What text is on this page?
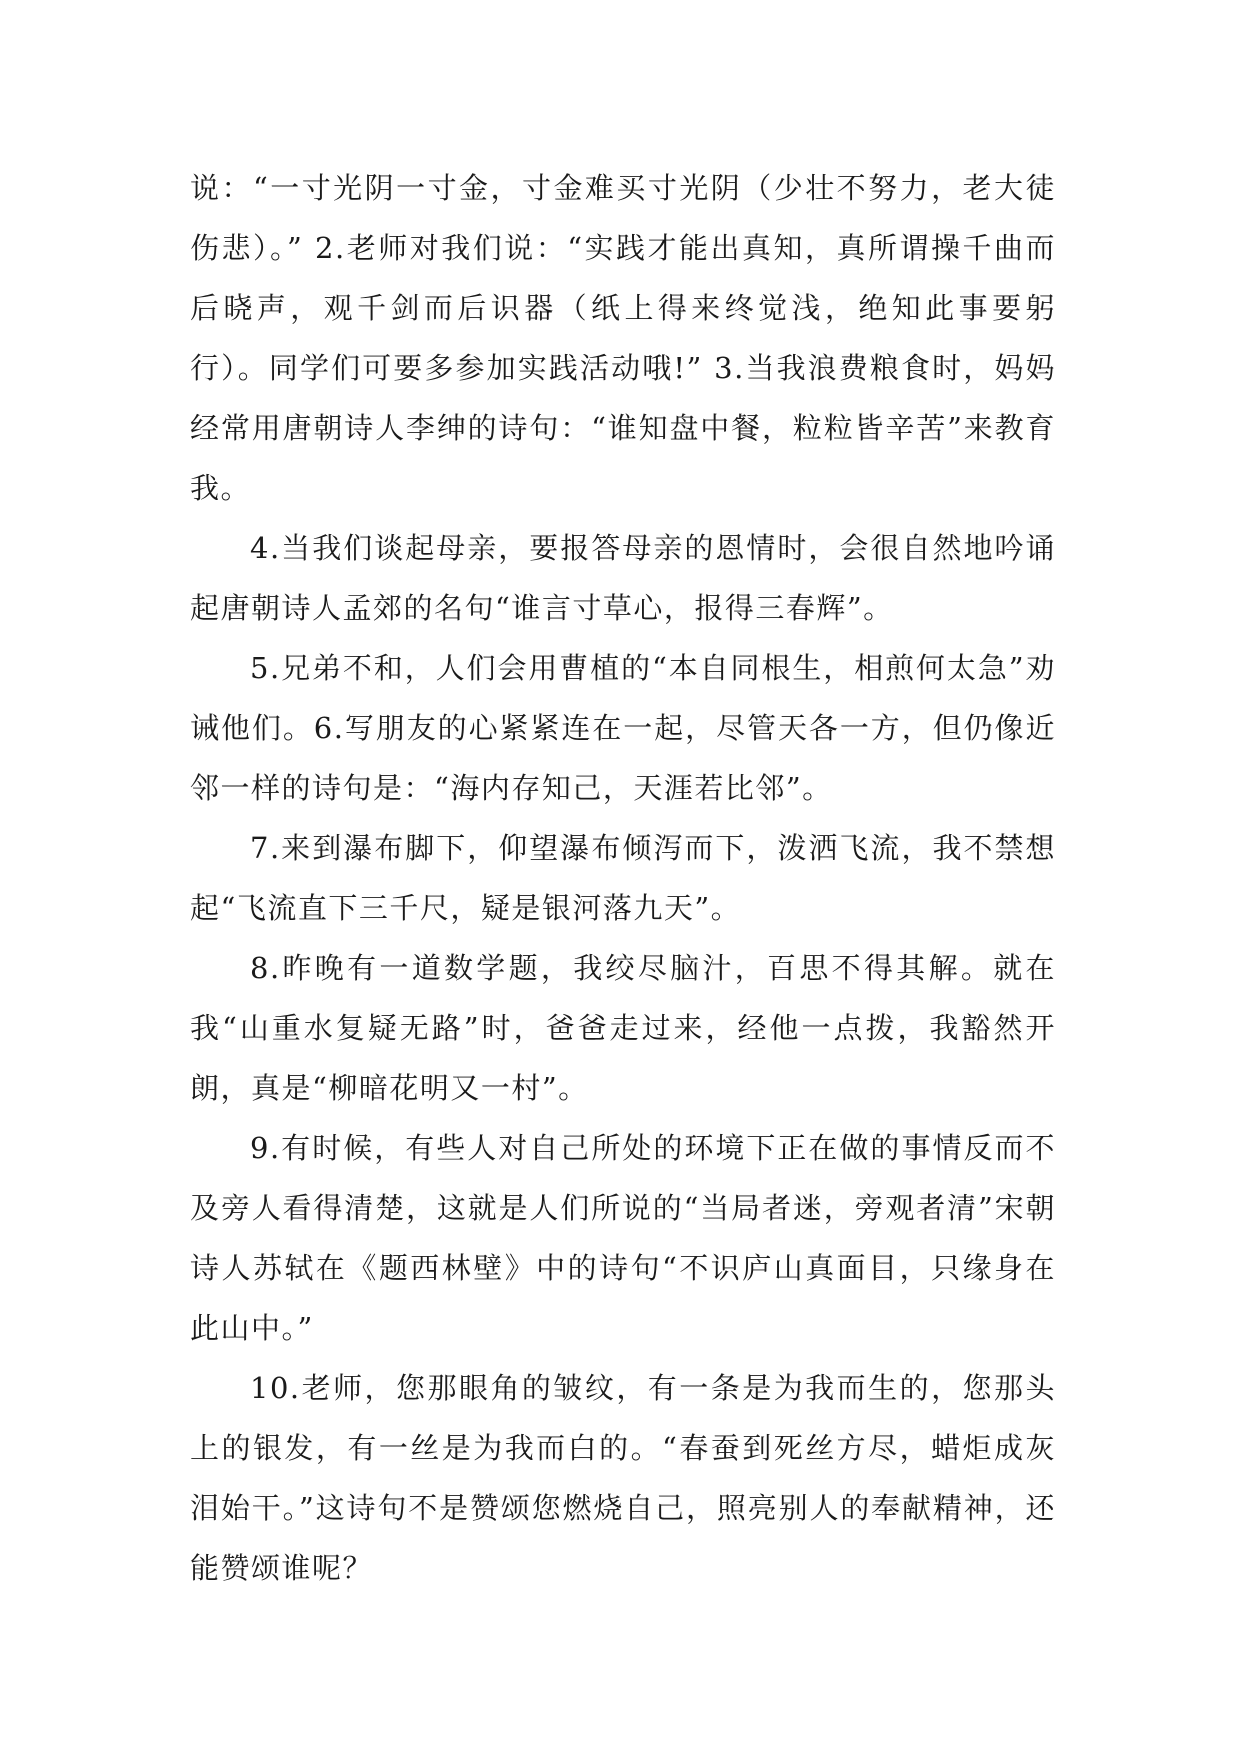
说：“一寸光阴一寸金，寸金难买寸光阴（少壮不努力，老大徒伤悲）。” 2.老师对我们说：“实践才能出真知，真所谓操千曲而后晓声，观千剑而后识器（纸上得来终觉浅，绝知此事要躬行）。同学们可要多参加实践活动哦!” 3.当我浪费粮食时，妈妈经常用唐朝诗人李绅的诗句：“谁知盘中餐，粒粒皆辛苦”来教育我。

4.当我们谈起母亲，要报答母亲的恩情时，会很自然地吟诵起唐朝诗人孟郊的名句“谁言寸草心，报得三春辉”。

5.兄弟不和，人们会用曹植的“本自同根生，相煎何太急”劝诫他们。6.写朋友的心紧紧连在一起，尽管天各一方，但仍像近邻一样的诗句是：“海内存知己，天涯若比邻”。

7.来到瀑布脚下，仰望瀑布倾泻而下，泼洒飞流，我不禁想起“飞流直下三千尺，疑是银河落九天”。

8.昨晚有一道数学题，我绞尽脑汁，百思不得其解。就在我“山重水复疑无路”时，爸爸走过来，经他一点拨，我豁然开朗，真是“柳暗花明又一村”。

9.有时候，有些人对自己所处的环境下正在做的事情反而不及旁人看得清楚，这就是人们所说的“当局者迷，旁观者清”宋朝诗人苏轼在《题西林壁》中的诗句“不识庐山真面目，只缘身在此山中。”

10.老师，您那眼角的皱纹，有一条是为我而生的，您那头上的银发，有一丝是为我而白的。“春蚕到死丝方尽，蜡炬成灰泪始干。”这诗句不是赞颂您燃烧自己，照亮别人的奉献精神，还能赞颂谁呢？
